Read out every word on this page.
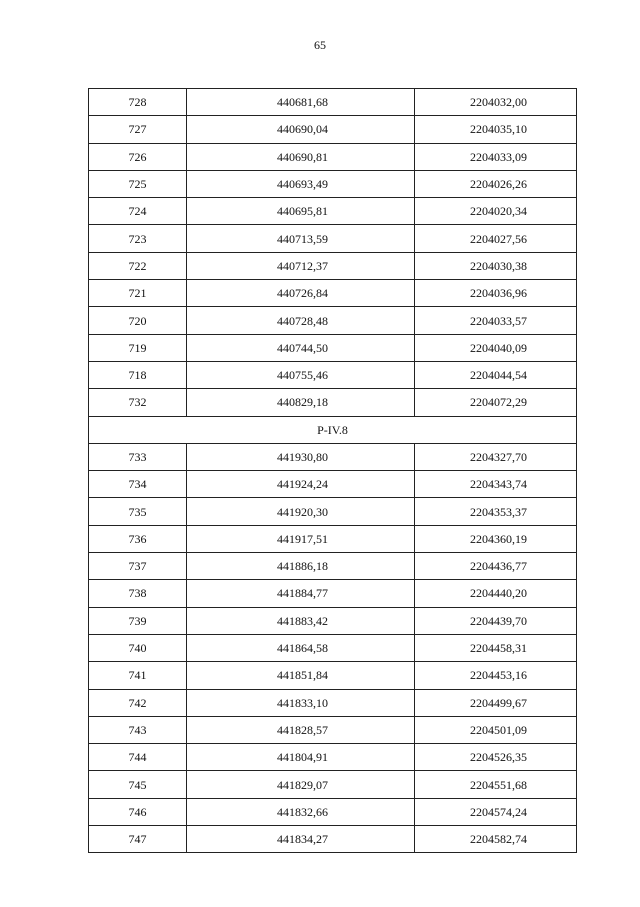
65
728	440681,68	2204032,00
727	440690,04	2204035,10
726	440690,81	2204033,09
725	440693,49	2204026,26
724	440695,81	2204020,34
723	440713,59	2204027,56
722	440712,37	2204030,38
721	440726,84	2204036,96
720	440728,48	2204033,57
719	440744,50	2204040,09
718	440755,46	2204044,54
732	440829,18	2204072,29
P-IV.8		
733	441930,80	2204327,70
734	441924,24	2204343,74
735	441920,30	2204353,37
736	441917,51	2204360,19
737	441886,18	2204436,77
738	441884,77	2204440,20
739	441883,42	2204439,70
740	441864,58	2204458,31
741	441851,84	2204453,16
742	441833,10	2204499,67
743	441828,57	2204501,09
744	441804,91	2204526,35
745	441829,07	2204551,68
746	441832,66	2204574,24
747	441834,27	2204582,74
